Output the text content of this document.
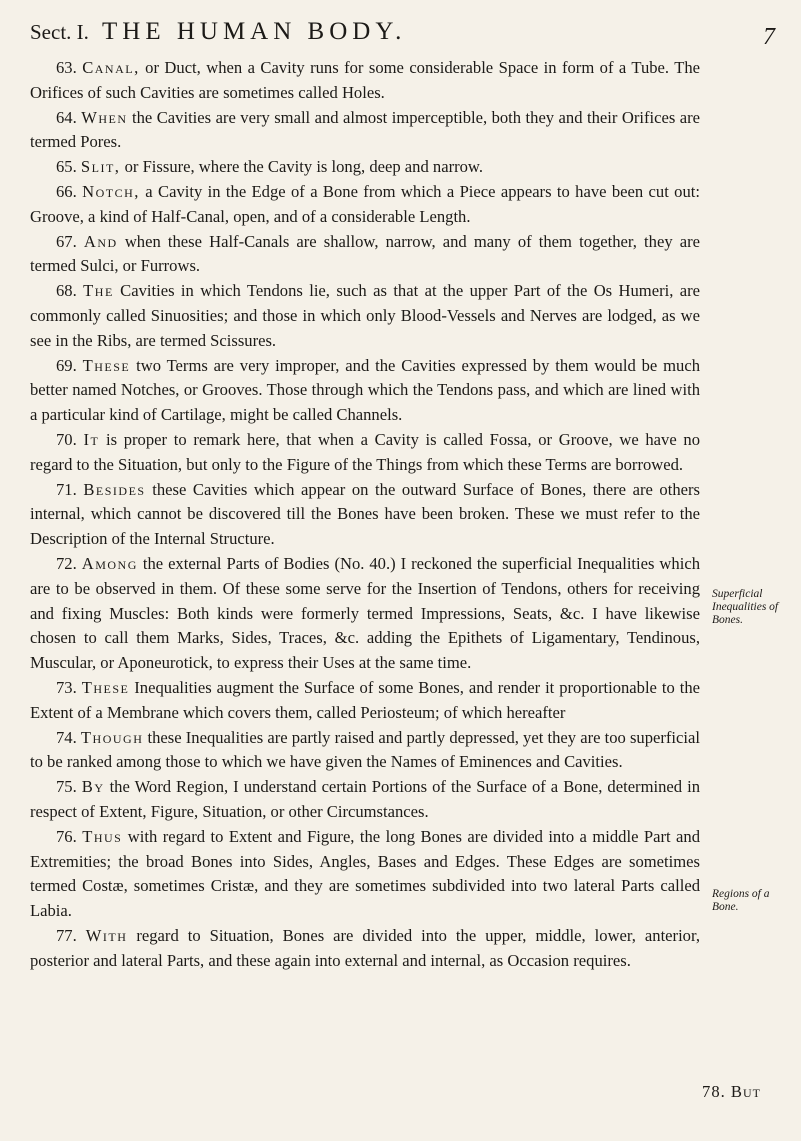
Sect. I. THE HUMAN BODY.	7

63. Canal, or Duct, when a Cavity runs for some considerable Space in form of a Tube. The Orifices of such Cavities are sometimes called Holes.

64. When the Cavities are very small and almost imperceptible, both they and their Orifices are termed Pores.

65. Slit, or Fissure, where the Cavity is long, deep and narrow.

66. Notch, a Cavity in the Edge of a Bone from which a Piece appears to have been cut out: Groove, a kind of Half-Canal, open, and of a considerable Length.

67. And when these Half-Canals are shallow, narrow, and many of them together, they are termed Sulci, or Furrows.

68. The Cavities in which Tendons lie, such as that at the upper Part of the Os Humeri, are commonly called Sinuosities; and those in which only Blood-Vessels and Nerves are lodged, as we see in the Ribs, are termed Scissures.

69. These two Terms are very improper, and the Cavities expressed by them would be much better named Notches, or Grooves. Those through which the Tendons pass, and which are lined with a particular kind of Cartilage, might be called Channels.

70. It is proper to remark here, that when a Cavity is called Fossa, or Groove, we have no regard to the Situation, but only to the Figure of the Things from which these Terms are borrowed.

71. Besides these Cavities which appear on the outward Surface of Bones, there are others internal, which cannot be discovered till the Bones have been broken. These we must refer to the Description of the Internal Structure.

72. Among the external Parts of Bodies (No. 40.) I reckoned the superficial Inequalities which are to be observed in them. Of these some serve for the Insertion of Tendons, others for receiving and fixing Muscles: Both kinds were formerly termed Impressions, Seats, &c. I have likewise chosen to call them Marks, Sides, Traces, &c. adding the Epithets of Ligamentary, Tendinous, Muscular, or Aponeurotick, to express their Uses at the same time.

73. These Inequalities augment the Surface of some Bones, and render it proportionable to the Extent of a Membrane which covers them, called Periosteum; of which hereafter

74. Though these Inequalities are partly raised and partly depressed, yet they are too superficial to be ranked among those to which we have given the Names of Eminences and Cavities.

75. By the Word Region, I understand certain Portions of the Surface of a Bone, determined in respect of Extent, Figure, Situation, or other Circumstances.

76. Thus with regard to Extent and Figure, the long Bones are divided into a middle Part and Extremities; the broad Bones into Sides, Angles, Bases and Edges. These Edges are sometimes termed Costæ, sometimes Cristæ, and they are sometimes subdivided into two lateral Parts called Labia.

77. With regard to Situation, Bones are divided into the upper, middle, lower, anterior, posterior and lateral Parts, and these again into external and internal, as Occasion requires.

Superficial Inequalities of Bones.
Regions of a Bone.
78. But
